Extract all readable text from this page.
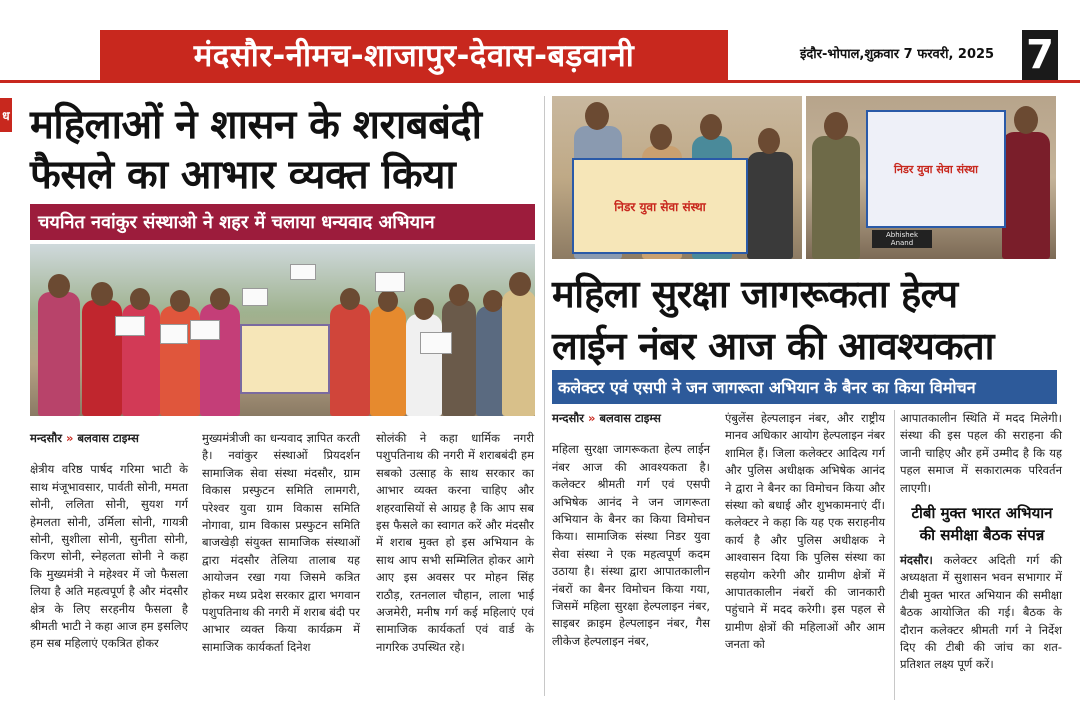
मंदसौर-नीमच-शाजापुर-देवास-बड़वानी	इंदौर-भोपाल,शुक्रवार 7 फरवरी, 2025 7
ध महिलाओं ने शासन के शराबबंदी
फैसले का आभार व्यक्त किया
चयनित नवांकुर संस्थाओ ने शहर में चलाया धन्यवाद अभियान
मन्दसौर » बलवास टाइम्स
क्षेत्रीय वरिष्ठ पार्षद गरिमा भाटी के साथ मंजूभावसार, पार्वती सोनी, ममता सोनी, ललिता सोनी, सुयश गर्ग हेमलता सोनी, उर्मिला सोनी, गायत्री सोनी, सुशीला सोनी, सुनीता सोनी, किरण सोनी, स्नेहलता सोनी ने कहा कि मुख्यमंत्री ने महेश्वर में जो फैसला लिया है अति महत्वपूर्ण है और मंदसौर क्षेत्र के लिए सरहनीय फैसला है श्रीमती भाटी ने कहा आज हम इसलिए हम सब महिलाएं एकत्रित होकर
मुख्यमंत्रीजी का धन्यवाद ज्ञापित करती है। नवांकुर संस्थाओं प्रियदर्शन सामाजिक सेवा संस्था मंदसौर, ग्राम विकास प्रस्फुटन समिति लामगरी, परेश्वर युवा ग्राम विकास समिति नोगावा, ग्राम विकास प्रस्फुटन समिति बाजखेड़ी संयुक्त सामाजिक संस्थाओं द्वारा मंदसौर तेलिया तालाब यह आयोजन रखा गया जिसमे कत्रित होकर मध्य प्रदेश सरकार द्वारा भगवान पशुपतिनाथ की नगरी में शराब बंदी पर आभार व्यक्त किया कार्यक्रम में सामाजिक कार्यकर्ता दिनेश
सोलंकी ने कहा धार्मिक नगरी पशुपतिनाथ की नगरी में शराबबंदी हम सबको उत्साह के साथ सरकार का आभार व्यक्त करना चाहिए और शहरवासियों से आग्रह है कि आप सब इस फैसले का स्वागत करें और मंदसौर में शराब मुक्त हो इस अभियान के साथ आप सभी सम्मिलित होकर आगे आए इस अवसर पर मोहन सिंह राठौड़, रतनलाल चौहान, लाला भाई अजमेरी, मनीष गर्ग कई महिलाएं एवं सामाजिक कार्यकर्ता एवं वार्ड के नागरिक उपस्थित रहे।
निडर युवा सेवा संस्था
निडर युवा सेवा संस्था
Abhishek Anand
महिला सुरक्षा जागरूकता हेल्प
लाईन नंबर आज की आवश्यकता
कलेक्टर एवं एसपी ने जन जागरूता अभियान के बैनर का किया विमोचन
मन्दसौर » बलवास टाइम्स
महिला सुरक्षा जागरूकता हेल्प लाईन नंबर आज की आवश्यकता है। कलेक्टर श्रीमती गर्ग एवं एसपी अभिषेक आनंद ने जन जागरूता अभियान के बैनर का किया विमोचन किया। सामाजिक संस्था निडर युवा सेवा संस्था ने एक महत्वपूर्ण कदम उठाया है। संस्था द्वारा आपातकालीन नंबरों का बैनर विमोचन किया गया, जिसमें महिला सुरक्षा हेल्पलाइन नंबर, साइबर क्राइम हेल्पलाइन नंबर, गैस लीकेज हेल्पलाइन नंबर,
एंबुलेंस हेल्पलाइन नंबर, और राष्ट्रीय मानव अधिकार आयोग हेल्पलाइन नंबर शामिल हैं। जिला कलेक्टर आदित्य गर्ग और पुलिस अधीक्षक अभिषेक आनंद ने द्वारा ने बैनर का विमोचन किया और संस्था को बधाई और शुभकामनाएं दीं। कलेक्टर ने कहा कि यह एक सराहनीय कार्य है और पुलिस अधीक्षक ने आश्वासन दिया कि पुलिस संस्था का सहयोग करेगी और ग्रामीण क्षेत्रों में आपातकालीन नंबरों की जानकारी पहुंचाने में मदद करेगी। इस पहल से ग्रामीण क्षेत्रों की महिलाओं और आम जनता को
आपातकालीन स्थिति में मदद मिलेगी। संस्था की इस पहल की सराहना की जानी चाहिए और हमें उम्मीद है कि यह पहल समाज में सकारात्मक परिवर्तन लाएगी।
टीबी मुक्त भारत अभियान की समीक्षा बैठक संपन्न
मंदसौर। कलेक्टर अदिती गर्ग की अध्यक्षता में सुशासन भवन सभागार में टीबी मुक्त भारत अभियान की समीक्षा बैठक आयोजित की गई। बैठक के दौरान कलेक्टर श्रीमती गर्ग ने निर्देश दिए की टीबी की जांच का शत- प्रतिशत लक्ष्य पूर्ण करें।
